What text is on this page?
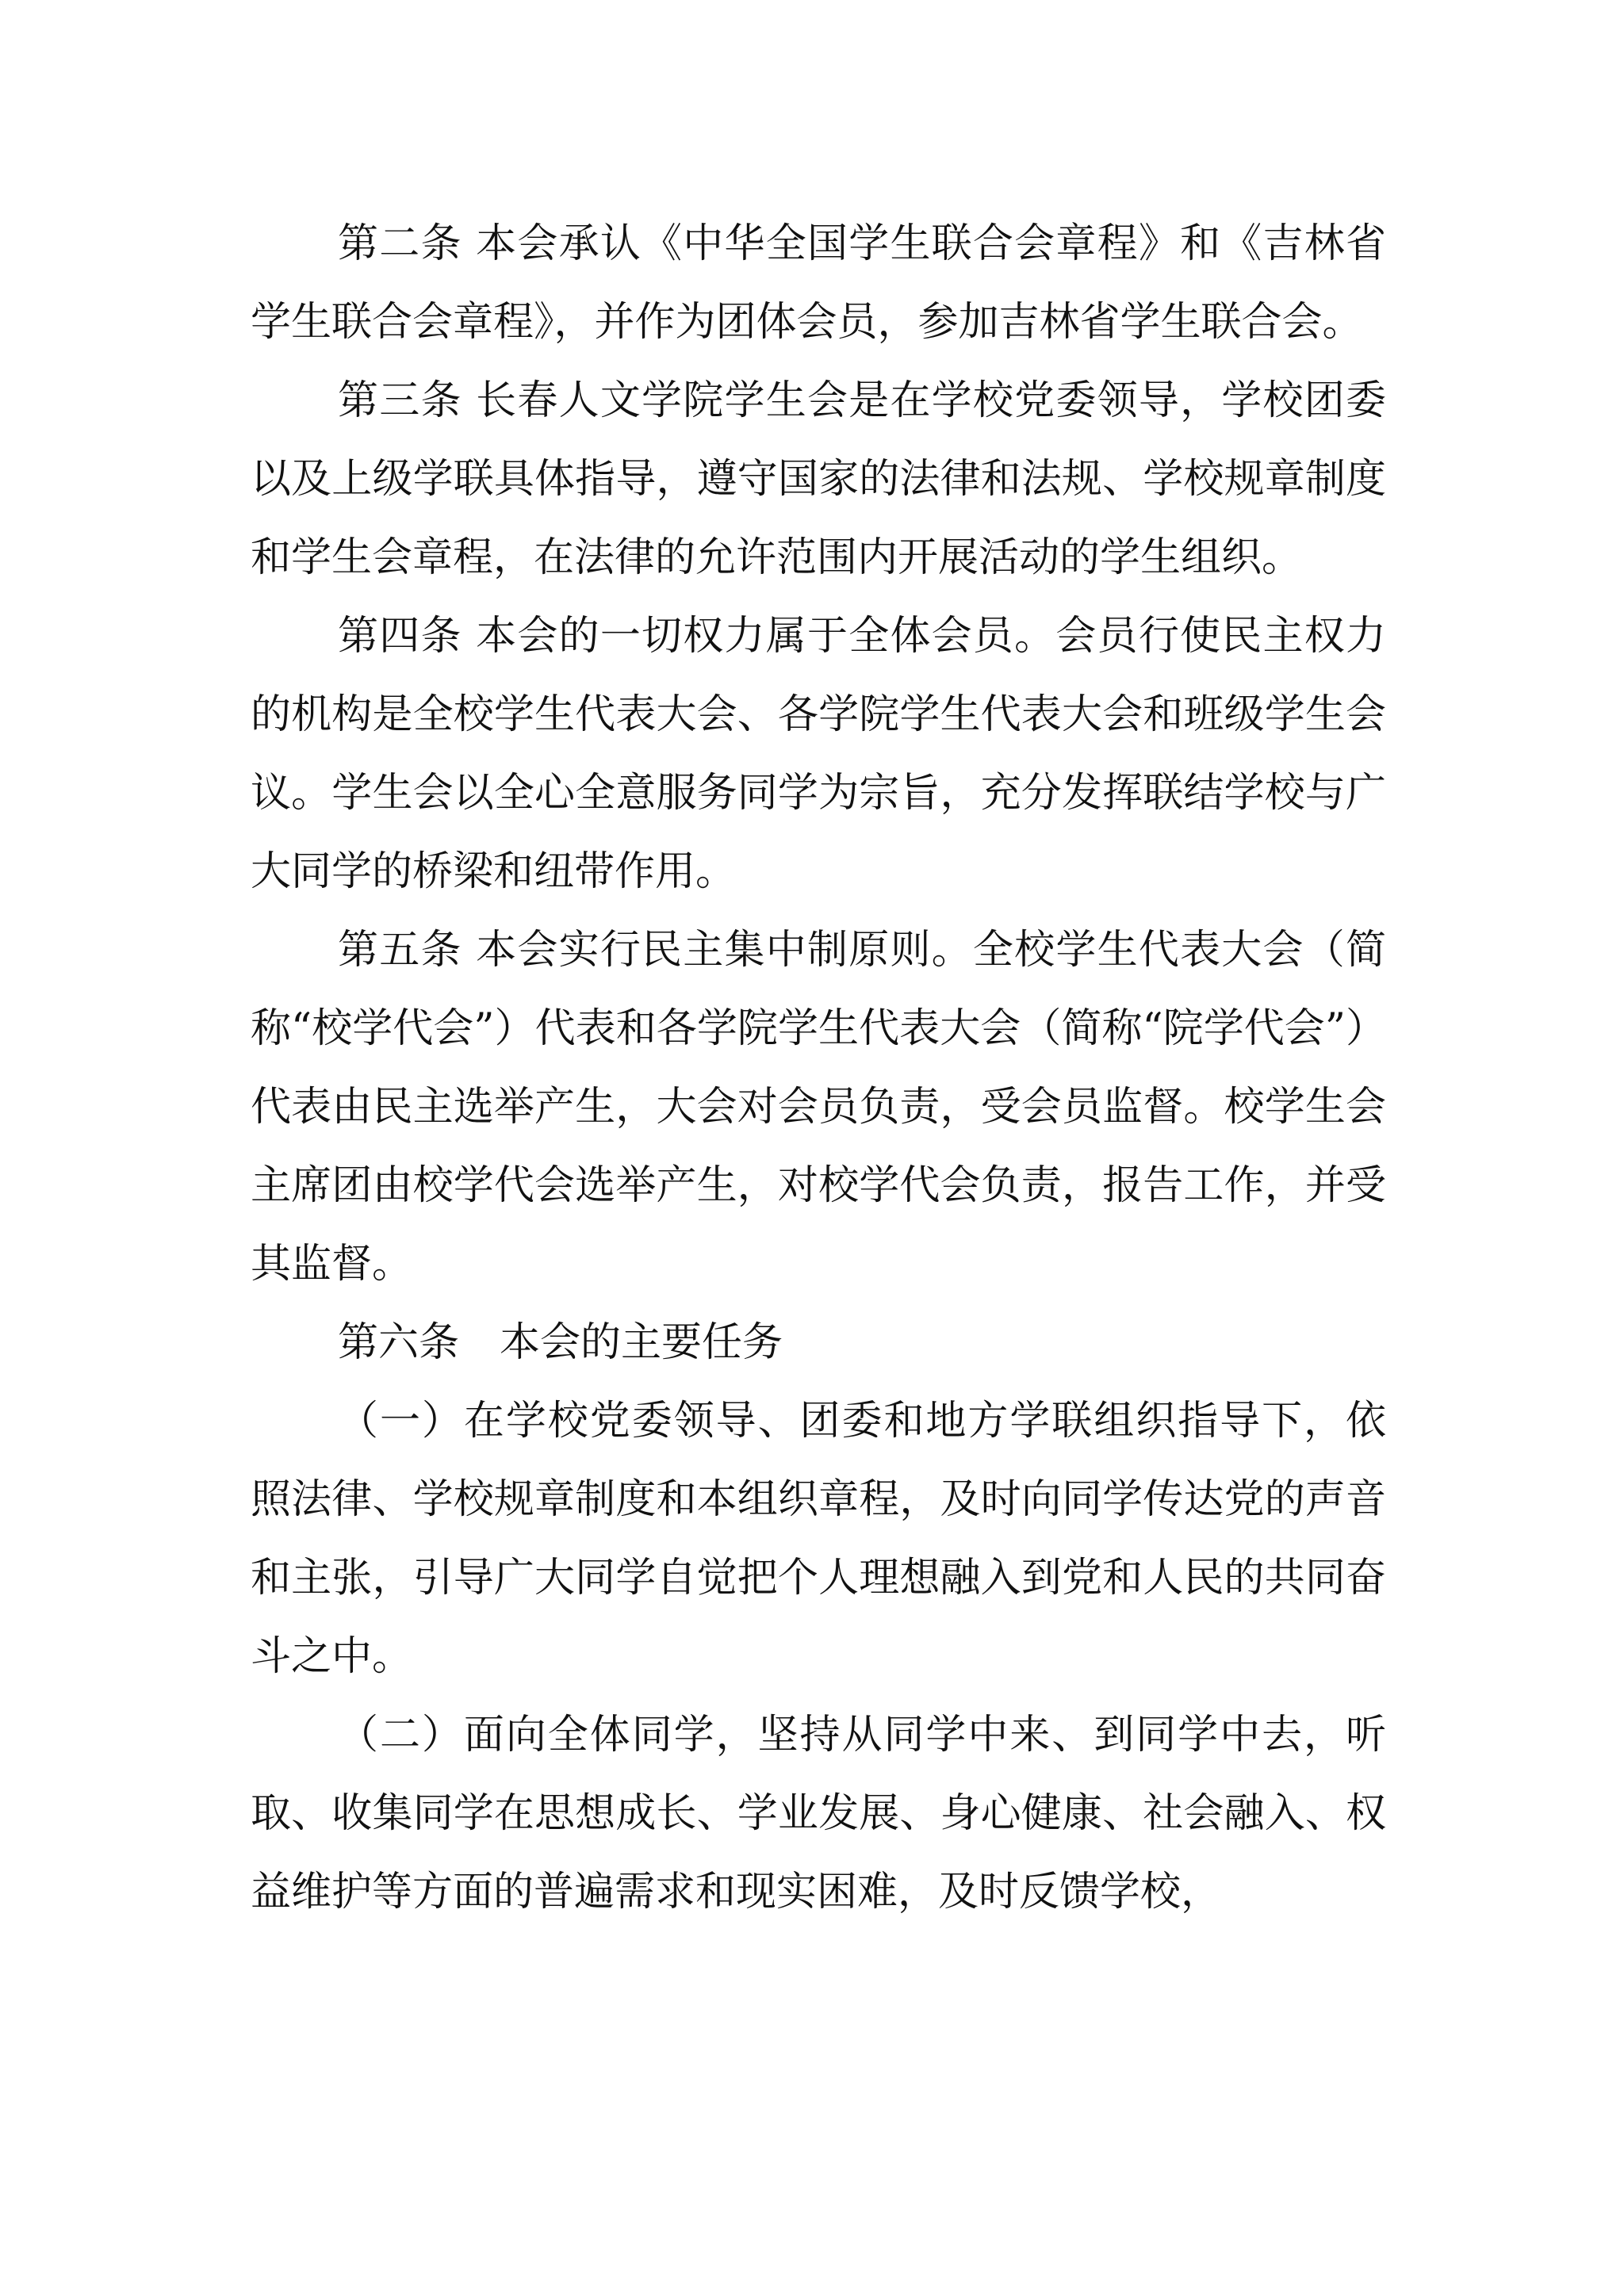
第二条 本会承认《中华全国学生联合会章程》和《吉林省学生联合会章程》，并作为团体会员，参加吉林省学生联合会。

第三条 长春人文学院学生会是在学校党委领导，学校团委以及上级学联具体指导，遵守国家的法律和法规、学校规章制度和学生会章程，在法律的允许范围内开展活动的学生组织。

第四条 本会的一切权力属于全体会员。会员行使民主权力的机构是全校学生代表大会、各学院学生代表大会和班级学生会议。学生会以全心全意服务同学为宗旨，充分发挥联结学校与广大同学的桥梁和纽带作用。

第五条 本会实行民主集中制原则。全校学生代表大会（简称“校学代会”）代表和各学院学生代表大会（简称“院学代会”）代表由民主选举产生，大会对会员负责，受会员监督。校学生会主席团由校学代会选举产生，对校学代会负责，报告工作，并受其监督。

第六条　本会的主要任务

（一）在学校党委领导、团委和地方学联组织指导下，依照法律、学校规章制度和本组织章程，及时向同学传达党的声音和主张，引导广大同学自觉把个人理想融入到党和人民的共同奋斗之中。

（二）面向全体同学，坚持从同学中来、到同学中去，听取、收集同学在思想成长、学业发展、身心健康、社会融入、权益维护等方面的普遍需求和现实困难，及时反馈学校，
